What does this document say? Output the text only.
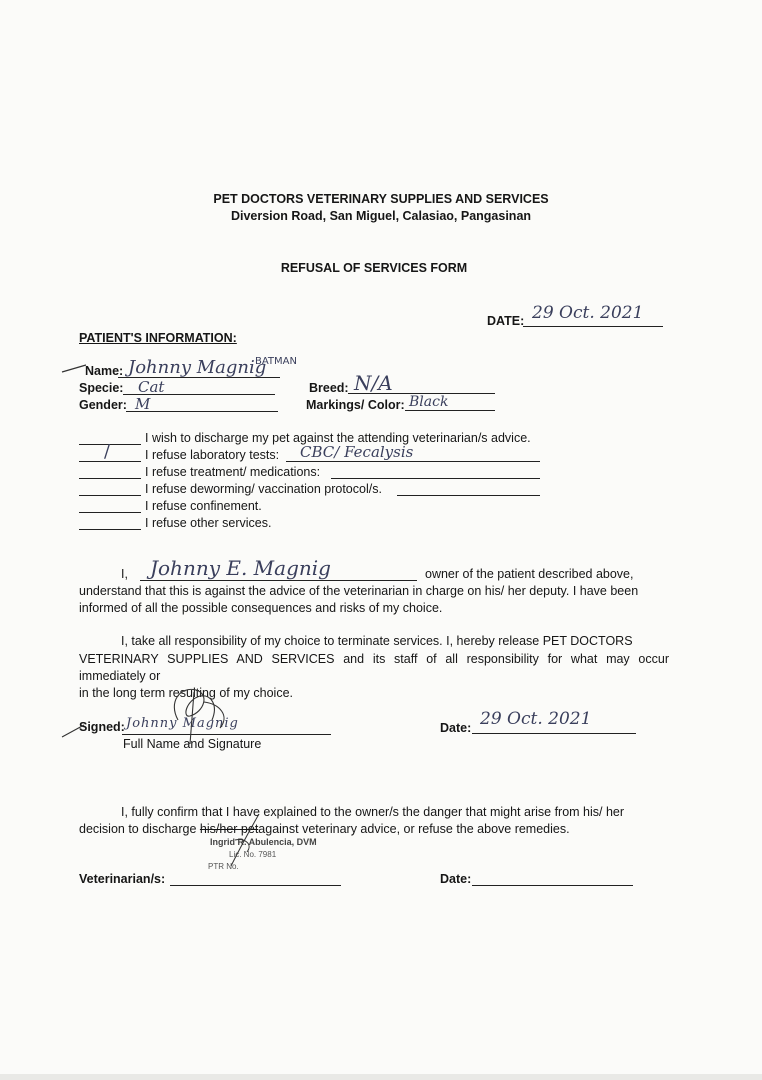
PET DOCTORS VETERINARY SUPPLIES AND SERVICES
Diversion Road, San Miguel, Calasiao, Pangasinan
REFUSAL OF SERVICES FORM
DATE: 29 Oct. 2021
PATIENT'S INFORMATION:
Name: Johnny Magnig
BATMAN
Specie: Cat	Breed: N/A
Gender: M	Markings/ Color: Black
I wish to discharge my pet against the attending veterinarian/s advice.
/	I refuse laboratory tests: CBC/ Fecalysis
I refuse treatment/ medications:
I refuse deworming/ vaccination protocol/s.
I refuse confinement.
I refuse other services.
I, Johnny E. Magnig	owner of the patient described above,
understand that this is against the advice of the veterinarian in charge on his/ her deputy. I have been
informed of all the possible consequences and risks of my choice.
I, take all responsibility of my choice to terminate services. I, hereby release PET DOCTORS
VETERINARY SUPPLIES AND SERVICES and its staff of all responsibility for what may occur immediately or
in the long term resulting of my choice.
Signed: Johnny Magnig
Full Name and Signature
Date: 29 Oct. 2021
I, fully confirm that I have explained to the owner/s the danger that might arise from his/ her
decision to discharge his/her petagainst veterinary advice, or refuse the above remedies.
Ingrid R. Abulencia, DVM
Lic. No. 7981
PTR No.
Veterinarian/s:	Date:
